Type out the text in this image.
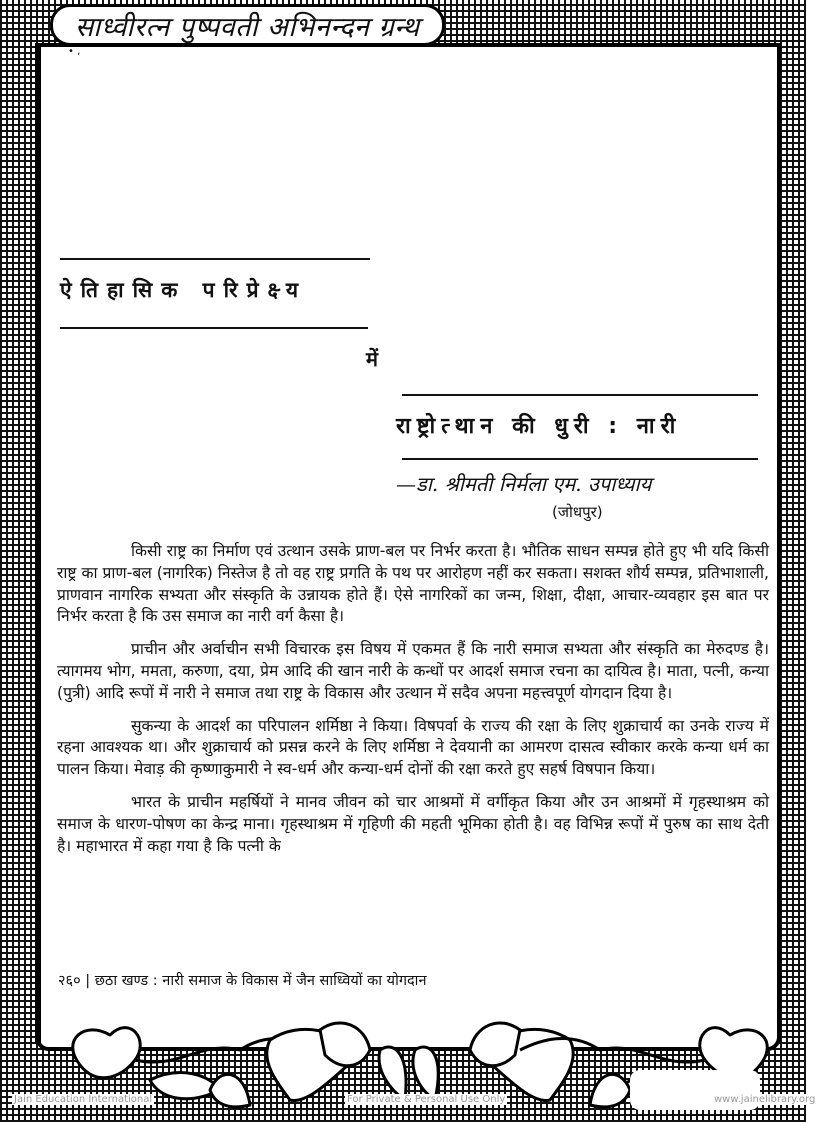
साध्वीरत्न पुष्पवती अभिनन्दन ग्रन्थ
• ,
ऐतिहासिक परिप्रेक्ष्य
में
राष्ट्रोत्थान की धुरी : नारी
—डा. श्रीमती निर्मला एम. उपाध्याय
(जोधपुर)

किसी राष्ट्र का निर्माण एवं उत्थान उसके प्राण-बल पर निर्भर करता है। भौतिक साधन सम्पन्न होते हुए भी यदि किसी राष्ट्र का प्राण-बल (नागरिक) निस्तेज है तो वह राष्ट्र प्रगति के पथ पर आरोहण नहीं कर सकता। सशक्त शौर्य सम्पन्न, प्रतिभाशाली, प्राणवान नागरिक सभ्यता और संस्कृति के उन्नायक होते हैं। ऐसे नागरिकों का जन्म, शिक्षा, दीक्षा, आचार-व्यवहार इस बात पर निर्भर करता है कि उस समाज का नारी वर्ग कैसा है।

प्राचीन और अर्वाचीन सभी विचारक इस विषय में एकमत हैं कि नारी समाज सभ्यता और संस्कृति का मेरुदण्ड है। त्यागमय भोग, ममता, करुणा, दया, प्रेम आदि की खान नारी के कन्धों पर आदर्श समाज रचना का दायित्व है। माता, पत्नी, कन्या (पुत्री) आदि रूपों में नारी ने समाज तथा राष्ट्र के विकास और उत्थान में सदैव अपना महत्त्वपूर्ण योगदान दिया है।

सुकन्या के आदर्श का परिपालन शर्मिष्ठा ने किया। विषपर्वा के राज्य की रक्षा के लिए शुक्राचार्य का उनके राज्य में रहना आवश्यक था। और शुक्राचार्य को प्रसन्न करने के लिए शर्मिष्ठा ने देवयानी का आमरण दासत्व स्वीकार करके कन्या धर्म का पालन किया। मेवाड़ की कृष्णाकुमारी ने स्व-धर्म और कन्या-धर्म दोनों की रक्षा करते हुए सहर्ष विषपान किया।

भारत के प्राचीन महर्षियों ने मानव जीवन को चार आश्रमों में वर्गीकृत किया और उन आश्रमों में गृहस्थाश्रम को समाज के धारण-पोषण का केन्द्र माना। गृहस्थाश्रम में गृहिणी की महती भूमिका होती है। वह विभिन्न रूपों में पुरुष का साथ देती है। महाभारत में कहा गया है कि पत्नी के

२६० | छठा खण्ड : नारी समाज के विकास में जैन साध्वियों का योगदान
Jain Education International	For Private & Personal Use Only	www.jainelibrary.org
